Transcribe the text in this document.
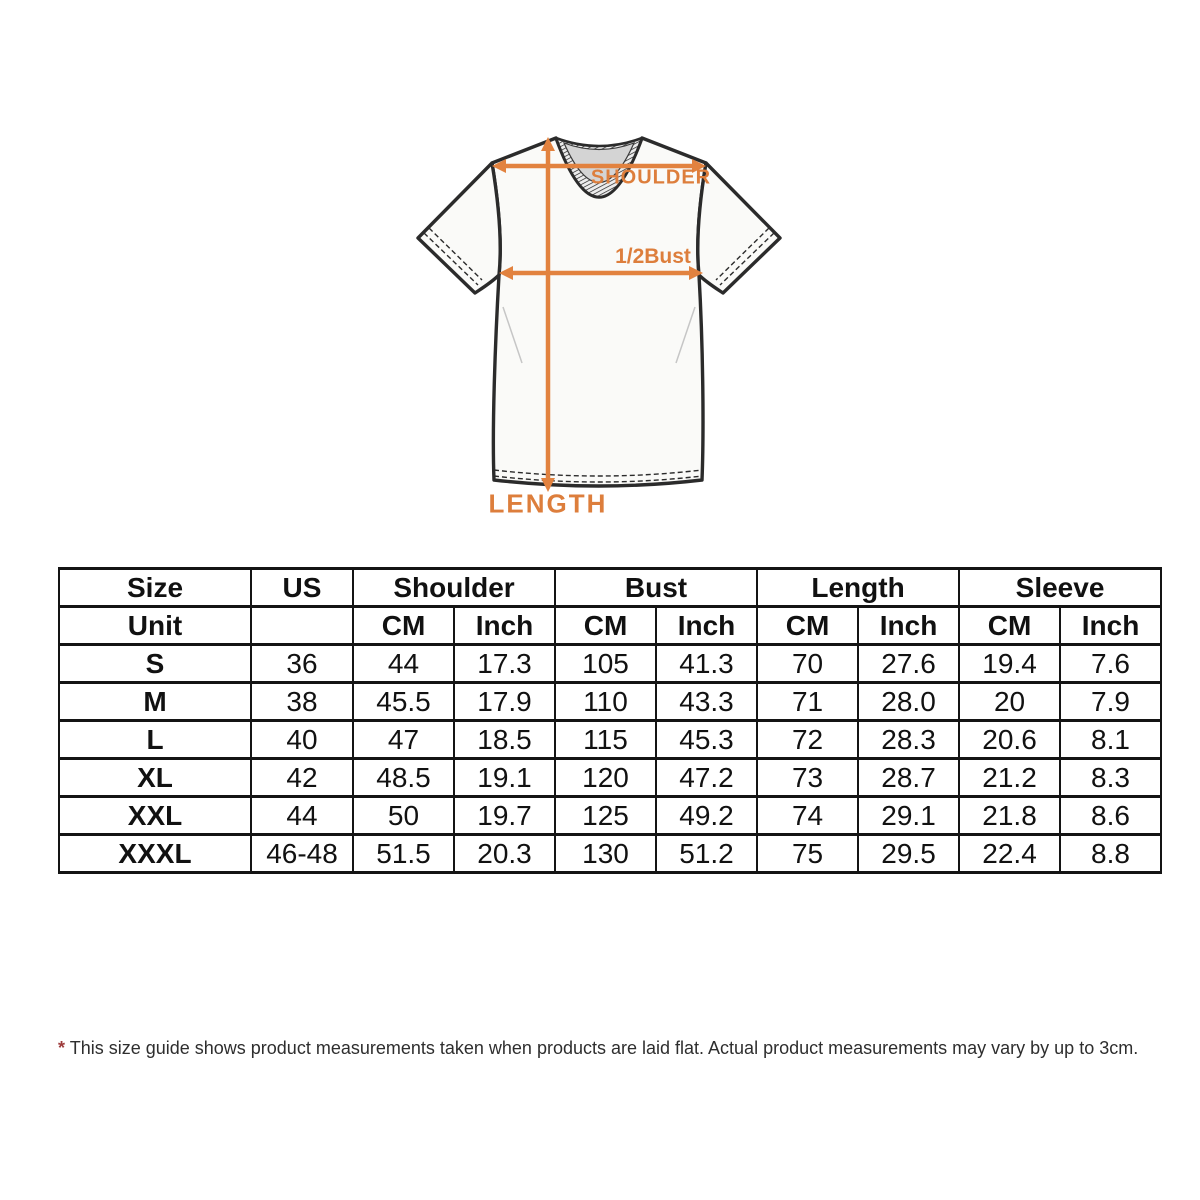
SHOULDER
1/2Bust
LENGTH
Size	US	Shoulder		Bust		Length		Sleeve	
Unit		CM	Inch	CM	Inch	CM	Inch	CM	Inch
S	36	44	17.3	105	41.3	70	27.6	19.4	7.6
M	38	45.5	17.9	110	43.3	71	28.0	20	7.9
L	40	47	18.5	115	45.3	72	28.3	20.6	8.1
XL	42	48.5	19.1	120	47.2	73	28.7	21.2	8.3
XXL	44	50	19.7	125	49.2	74	29.1	21.8	8.6
XXXL	46-48	51.5	20.3	130	51.2	75	29.5	22.4	8.8
* This size guide shows product measurements taken when products are laid flat. Actual product measurements may vary by up to 3cm.
